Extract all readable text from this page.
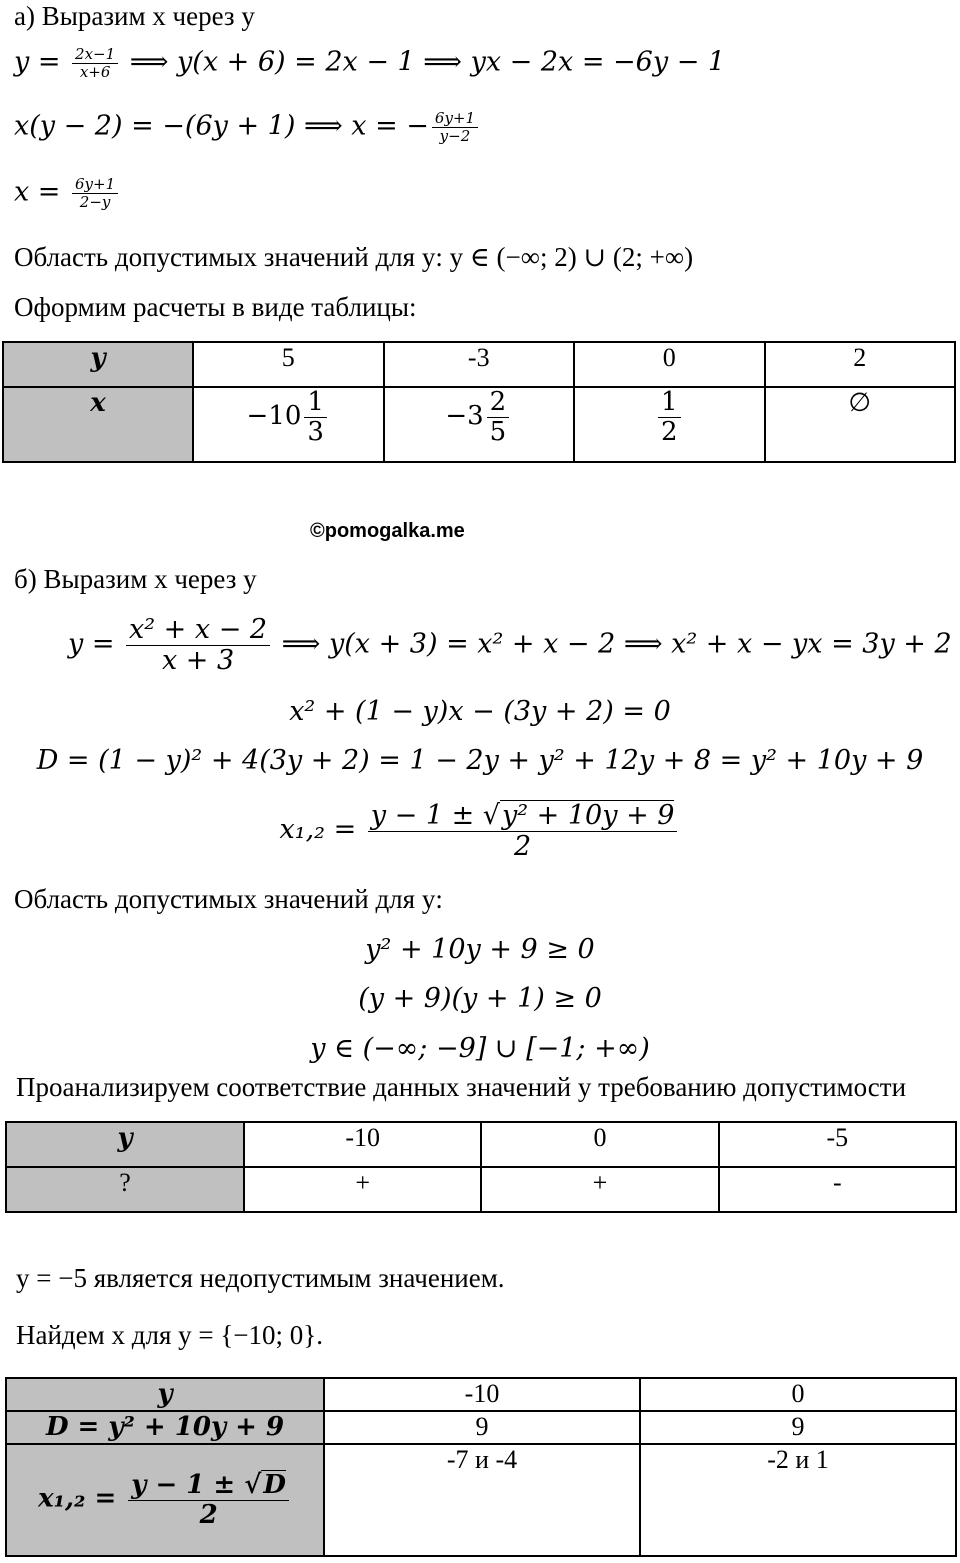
а) Выразим x через y
$y = \frac{2x-1}{x+6}$ ⟹ y(x + 6) = 2x − 1 ⟹ yx − 2x = −6y − 1
x(y − 2) = −(6y + 1) ⟹ x = − $\frac{6y+1}{y-2}$
$x = \frac{6y+1}{2-y}$
Область допустимых значений для y: y ∈ (−∞; 2) ∪ (2; +∞)
Оформим расчеты в виде таблицы:
y	5	-3	0	2
x	$-10 \frac{1}{3}$	$-3 \frac{2}{5}$	$\frac{1}{2}$	∅
©pomogalka.me
б) Выразим x через y
$y = \frac{\text{x² + x − 2}}{x + 3}$ ⟹ y(x + 3) = x² + x − 2 ⟹ x² + x − yx = 3y + 2
x² + (1 − y)x − (3y + 2) = 0
D = (1 − y)² + 4(3y + 2) = 1 − 2y + y² + 12y + 8 = y² + 10y + 9
$x_1,_2 = \frac{\text{y − 1 ± √y² + 10y + 9}}{2}$
Область допустимых значений для y:
y² + 10y + 9 ≥ 0
(y + 9)(y + 1) ≥ 0
y ∈ (−∞; −9] ∪ [−1; +∞)
Проанализируем соответствие данных значений y требованию допустимости
y	-10	0	-5
?	+	+	-
y = −5 является недопустимым значением.
Найдем x для y = {−10; 0}.
y	-10	0
D = y² + 10y + 9	9	9
$x_1,_2 = \frac{y - 1 \pm √D}{2}$	-7 и -4	-2 и 1
